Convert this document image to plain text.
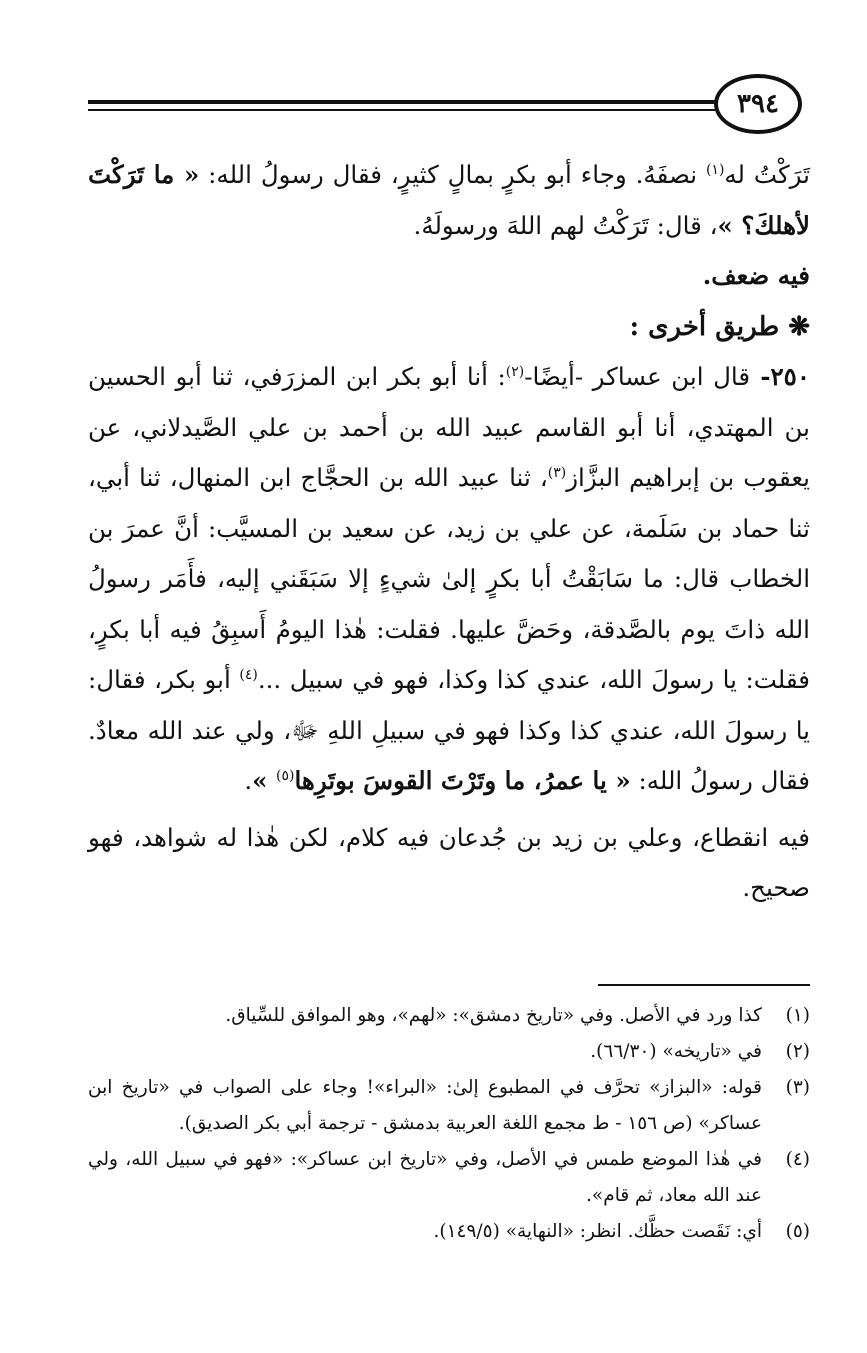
٣٩٤

تَرَكْتُ له$^{(١)}$ نصفَهُ. وجاء أبو بكرٍ بمالٍ كثيرٍ، فقال رسولُ الله: « ما تَرَكْتَ لأهلكَ؟ »، قال: تَرَكْتُ لهم اللهَ ورسولَهُ.

فيه ضعف.

❋ طريق أخرى :

٢٥٠- قال ابن عساكر -أيضًا-$^{(٢)}$: أنا أبو بكر ابن المزرَفي، ثنا أبو الحسين بن المهتدي، أنا أبو القاسم عبيد الله بن أحمد بن علي الصَّيدلاني، عن يعقوب بن إبراهيم البزَّاز$^{(٣)}$، ثنا عبيد الله بن الحجَّاج ابن المنهال، ثنا أبي، ثنا حماد بن سَلَمة، عن علي بن زيد، عن سعيد بن المسيَّب: أنَّ عمرَ بن الخطاب قال: ما سَابَقْتُ أبا بكرٍ إلىٰ شيءٍ إلا سَبَقَني إليه، فأَمَر رسولُ الله ذاتَ يوم بالصَّدقة، وحَضَّ عليها. فقلت: هٰذا اليومُ أَسبِقُ فيه أبا بكرٍ، فقلت: يا رسولَ الله، عندي كذا وكذا، فهو في سبيل ...$^{(٤)}$ أبو بكر، فقال: يا رسولَ الله، عندي كذا وكذا فهو في سبيلِ اللهِ ﷻ، ولي عند الله معادٌ. فقال رسولُ الله: « يا عمرُ، ما وتَرْتَ القوسَ بوتَرِها$^{(٥)}$ ».

فيه انقطاع، وعلي بن زيد بن جُدعان فيه كلام، لكن هٰذا له شواهد، فهو صحيح.

(١)
كذا ورد في الأصل. وفي «تاريخ دمشق»: «لهم»، وهو الموافق للسِّياق.
(٢)
في «تاريخه» (٦٦/٣٠).
(٣)
قوله: «البزاز» تحرَّف في المطبوع إلىٰ: «البراء»! وجاء على الصواب في «تاريخ ابن عساكر» (ص ١٥٦ - ط مجمع اللغة العربية بدمشق - ترجمة أبي بكر الصديق).
(٤)
في هٰذا الموضع طمس في الأصل، وفي «تاريخ ابن عساكر»: «فهو في سبيل الله، ولي عند الله معاد، ثم قام».
(٥)
أي: نَقَصت حظَّك. انظر: «النهاية» (١٤٩/٥).
